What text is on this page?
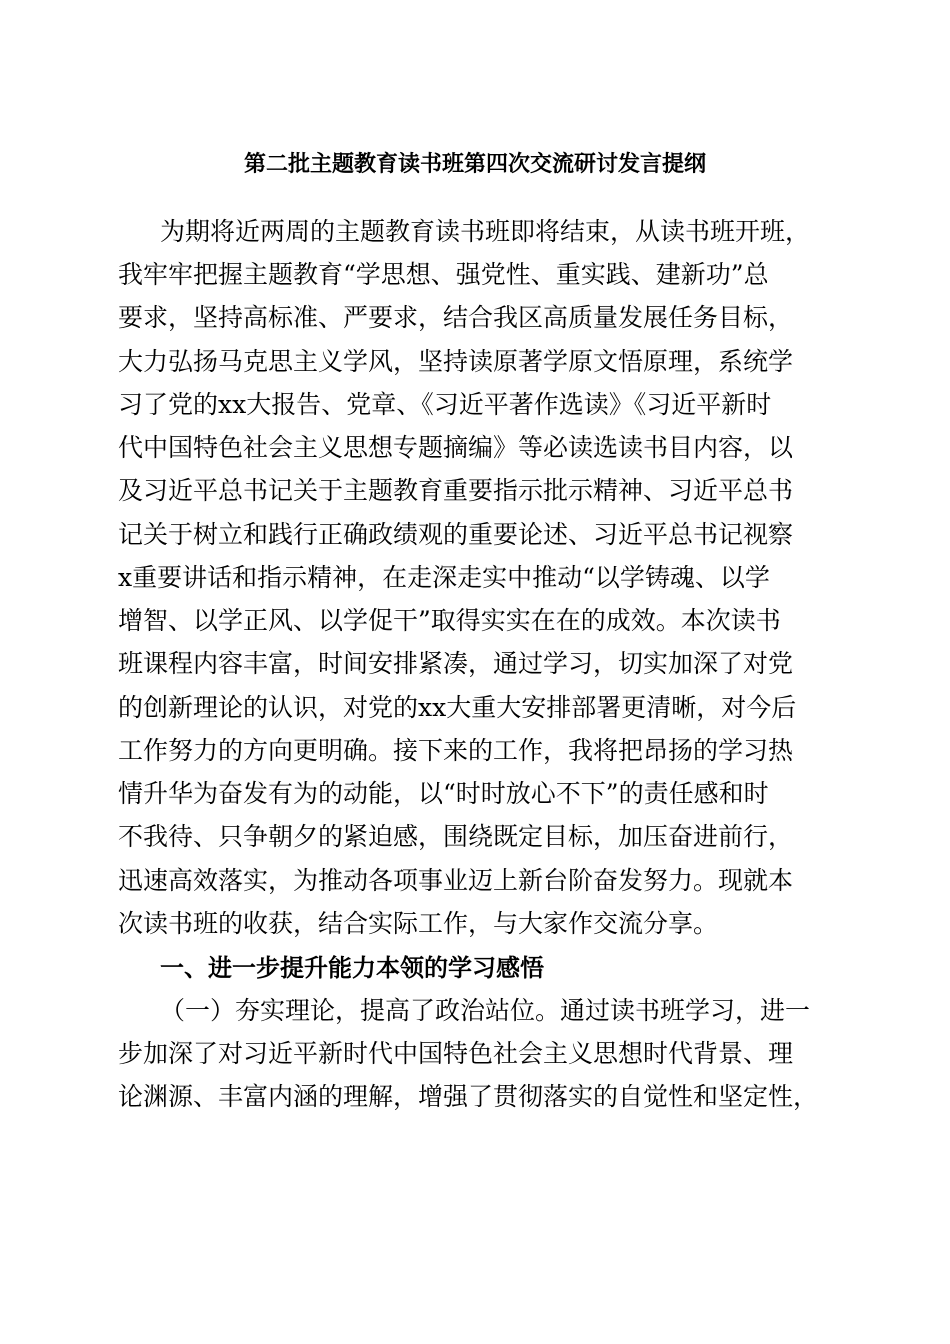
第二批主题教育读书班第四次交流研讨发言提纲
为期将近两周的主题教育读书班即将结束，从读书班开班，
我牢牢把握主题教育“学思想、强党性、重实践、建新功”总
要求，坚持高标准、严要求，结合我区高质量发展任务目标，
大力弘扬马克思主义学风，坚持读原著学原文悟原理，系统学
习了党的xx大报告、党章、《习近平著作选读》《习近平新时
代中国特色社会主义思想专题摘编》等必读选读书目内容，以
及习近平总书记关于主题教育重要指示批示精神、习近平总书
记关于树立和践行正确政绩观的重要论述、习近平总书记视察
x重要讲话和指示精神，在走深走实中推动“以学铸魂、以学
增智、以学正风、以学促干”取得实实在在的成效。本次读书
班课程内容丰富，时间安排紧凑，通过学习，切实加深了对党
的创新理论的认识，对党的xx大重大安排部署更清晰，对今后
工作努力的方向更明确。接下来的工作，我将把昂扬的学习热
情升华为奋发有为的动能，以“时时放心不下”的责任感和时
不我待、只争朝夕的紧迫感，围绕既定目标，加压奋进前行，
迅速高效落实，为推动各项事业迈上新台阶奋发努力。现就本
次读书班的收获，结合实际工作，与大家作交流分享。
一、进一步提升能力本领的学习感悟
（一）夯实理论，提高了政治站位。通过读书班学习，进一
步加深了对习近平新时代中国特色社会主义思想时代背景、理
论渊源、丰富内涵的理解，增强了贯彻落实的自觉性和坚定性，
